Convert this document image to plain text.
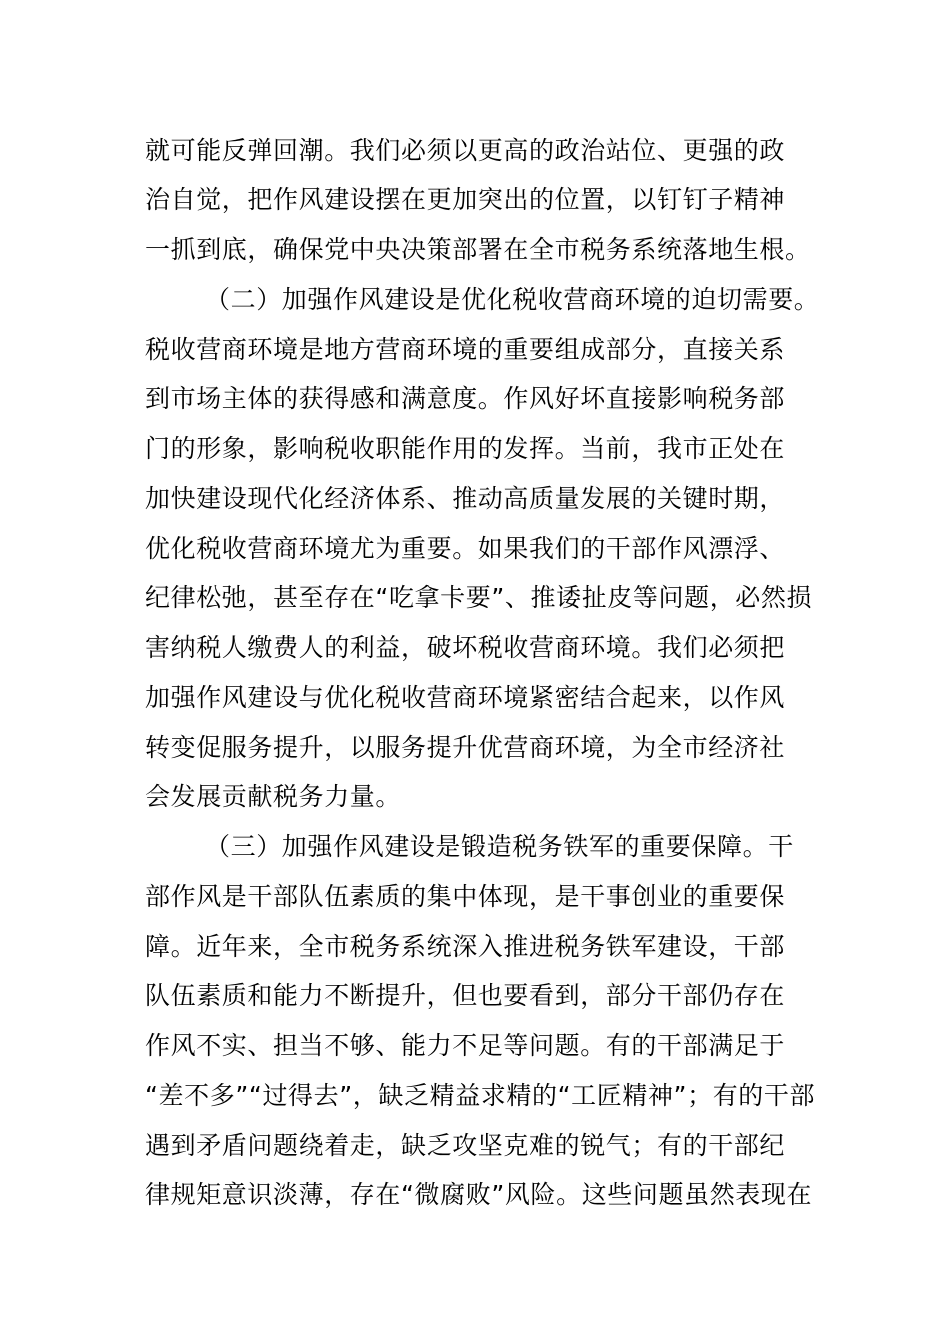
就可能反弹回潮。我们必须以更高的政治站位、更强的政
治自觉，把作风建设摆在更加突出的位置，以钉钉子精神
一抓到底，确保党中央决策部署在全市税务系统落地生根。
（二）加强作风建设是优化税收营商环境的迫切需要。
税收营商环境是地方营商环境的重要组成部分，直接关系
到市场主体的获得感和满意度。作风好坏直接影响税务部
门的形象，影响税收职能作用的发挥。当前，我市正处在
加快建设现代化经济体系、推动高质量发展的关键时期，
优化税收营商环境尤为重要。如果我们的干部作风漂浮、
纪律松弛，甚至存在“吃拿卡要”、推诿扯皮等问题，必然损
害纳税人缴费人的利益，破坏税收营商环境。我们必须把
加强作风建设与优化税收营商环境紧密结合起来，以作风
转变促服务提升，以服务提升优营商环境，为全市经济社
会发展贡献税务力量。
（三）加强作风建设是锻造税务铁军的重要保障。干
部作风是干部队伍素质的集中体现，是干事创业的重要保
障。近年来，全市税务系统深入推进税务铁军建设，干部
队伍素质和能力不断提升，但也要看到，部分干部仍存在
作风不实、担当不够、能力不足等问题。有的干部满足于
“差不多”“过得去”，缺乏精益求精的“工匠精神”；有的干部
遇到矛盾问题绕着走，缺乏攻坚克难的锐气；有的干部纪
律规矩意识淡薄，存在“微腐败”风险。这些问题虽然表现在
